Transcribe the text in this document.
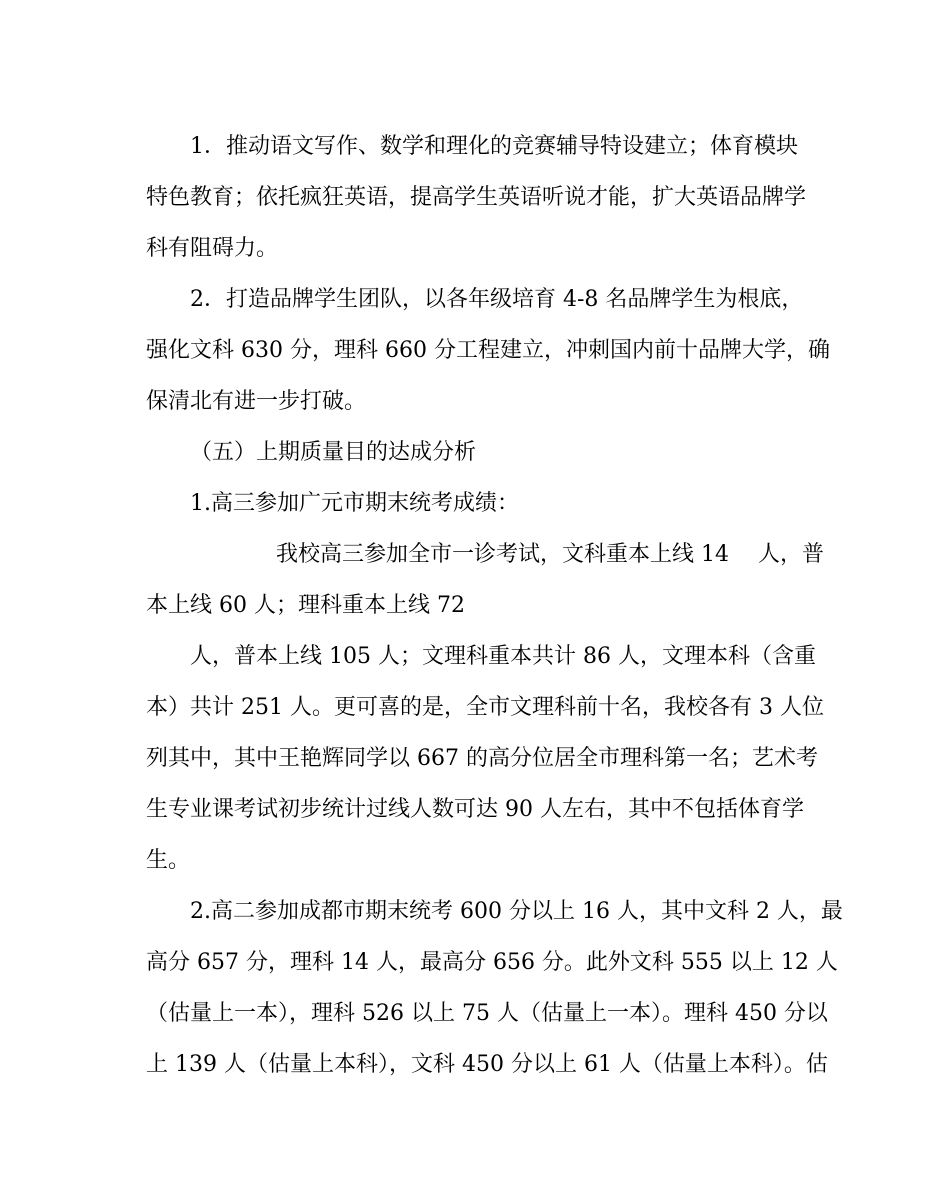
1．推动语文写作、数学和理化的竞赛辅导特设建立；体育模块
特色教育；依托疯狂英语，提高学生英语听说才能，扩大英语品牌学
科有阻碍力。
2．打造品牌学生团队，以各年级培育 4-8 名品牌学生为根底，
强化文科 630 分，理科 660 分工程建立，冲刺国内前十品牌大学，确
保清北有进一步打破。
（五）上期质量目的达成分析
1.高三参加广元市期末统考成绩：
我校高三参加全市一诊考试，文科重本上线 14　 人，普
本上线 60 人；理科重本上线 72
人，普本上线 105 人；文理科重本共计 86 人，文理本科（含重
本）共计 251 人。更可喜的是，全市文理科前十名，我校各有 3 人位
列其中，其中王艳辉同学以 667 的高分位居全市理科第一名；艺术考
生专业课考试初步统计过线人数可达 90 人左右，其中不包括体育学
生。
2.高二参加成都市期末统考 600 分以上 16 人，其中文科 2 人，最
高分 657 分，理科 14 人，最高分 656 分。此外文科 555 以上 12 人
（估量上一本），理科 526 以上 75 人（估量上一本）。理科 450 分以
上 139 人（估量上本科），文科 450 分以上 61 人（估量上本科）。估
